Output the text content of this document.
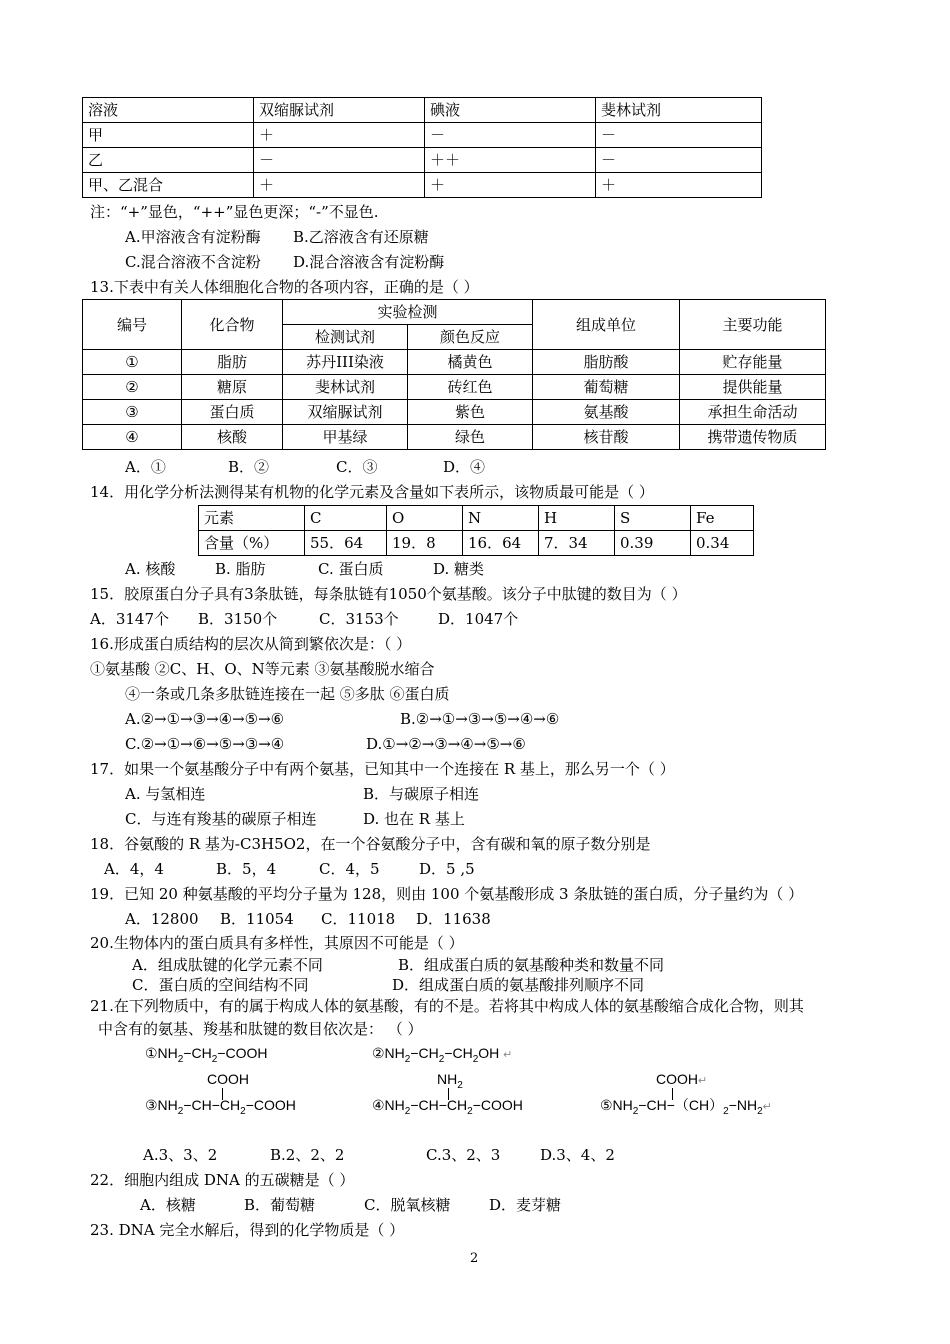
溶液	双缩脲试剂	碘液	斐林试剂
甲	＋	－	－
乙	－	＋＋	－
甲、乙混合	＋	＋	＋
注：“+”显色，“++”显色更深；“-”不显色.
A.甲溶液含有淀粉酶 B.乙溶液含有还原糖
C.混合溶液不含淀粉 D.混合溶液含有淀粉酶
13.下表中有关人体细胞化合物的各项内容，正确的是（ ）
编号	化合物	实验检测		组成单位	主要功能
		检测试剂	颜色反应		
①	脂肪	苏丹III染液	橘黄色	脂肪酸	贮存能量
②	糖原	斐林试剂	砖红色	葡萄糖	提供能量
③	蛋白质	双缩脲试剂	紫色	氨基酸	承担生命活动
④	核酸	甲基绿	绿色	核苷酸	携带遗传物质
A．①	B．②	C．③	D．④
14．用化学分析法测得某有机物的化学元素及含量如下表所示，该物质最可能是（ ）
元素	C	O	N	H	S	Fe
含量（%）	55．64	19．8	16．64	7．34	0.39	0.34
A. 核酸	B. 脂肪	C. 蛋白质	D. 糖类
15．胶原蛋白分子具有3条肽链，每条肽链有1050个氨基酸。该分子中肽键的数目为（ ）
A．3147个 B．3150个	C．3153个	D．1047个
16.形成蛋白质结构的层次从简到繁依次是：（ ）
①氨基酸 ②C、H、O、N等元素 ③氨基酸脱水缩合
④一条或几条多肽链连接在一起 ⑤多肽 ⑥蛋白质
A.②→①→③→④→⑤→⑥	B.②→①→③→⑤→④→⑥
C.②→①→⑥→⑤→③→④	D.①→②→③→④→⑤→⑥
17．如果一个氨基酸分子中有两个氨基，已知其中一个连接在 R 基上，那么另一个（ ）
A. 与氢相连	B．与碳原子相连
C．与连有羧基的碳原子相连	D. 也在 R 基上
18．谷氨酸的 R 基为-C3H5O2，在一个谷氨酸分子中，含有碳和氧的原子数分别是
A．4，4	B．5，4	C．4，5	D．5 ,5
19．已知 20 种氨基酸的平均分子量为 128，则由 100 个氨基酸形成 3 条肽链的蛋白质，分子量约为（ ）
A．12800 B．11054 C．11018 D．11638
20.生物体内的蛋白质具有多样性，其原因不可能是（ ）
A．组成肽键的化学元素不同	B．组成蛋白质的氨基酸种类和数量不同
C．蛋白质的空间结构不同	D．组成蛋白质的氨基酸排列顺序不同
21.在下列物质中，有的属于构成人体的氨基酸，有的不是。若将其中构成人体的氨基酸缩合成化合物，则其
中含有的氨基、羧基和肽键的数目依次是： （ ）
$①NH_2-CH_2-COOH$	$②NH_2-CH_2-CH_2OH$ ↵
COOH
$③NH_2-CH-CH_2-COOH$
$NH_2$
$④NH_2-CH-CH_2-COOH$
COOH↵
$⑤NH_2-CH-(CH)_2-NH_2↵$
A.3、3、2	B.2、2、2	C.3、2、3	D.3、4、2
22．细胞内组成 DNA 的五碳糖是（ ）
A．核糖	B．葡萄糖	C．脱氧核糖	D．麦芽糖
23. DNA 完全水解后，得到的化学物质是（ ）
2
